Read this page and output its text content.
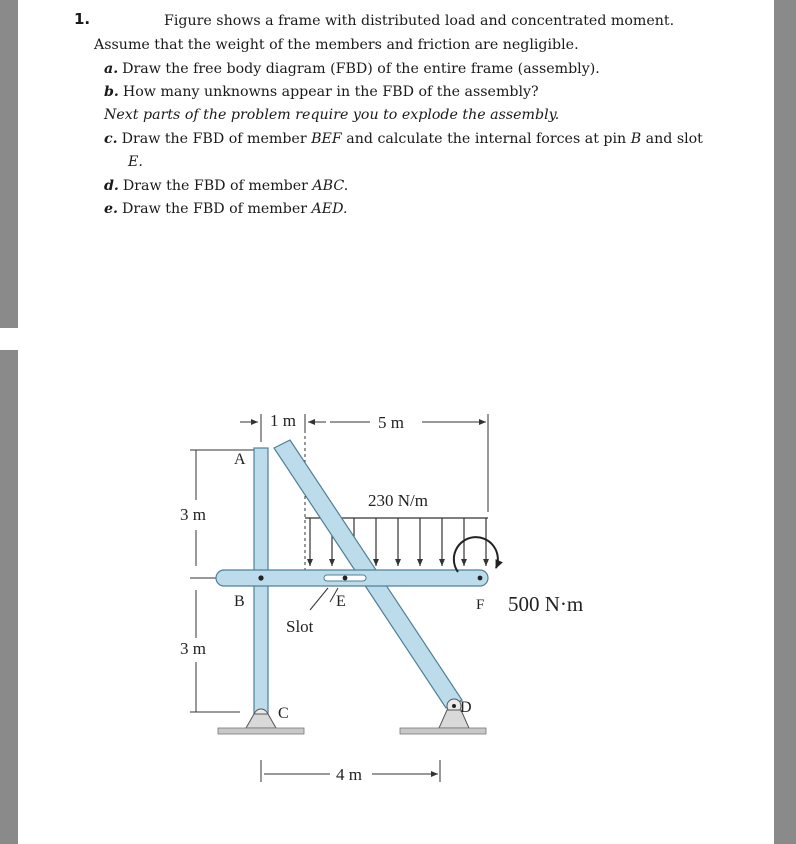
1.	Figure shows a frame with distributed load and concentrated moment.
Assume that the weight of the members and friction are negligible.
a. Draw the free body diagram (FBD) of the entire frame (assembly).
b. How many unknowns appear in the FBD of the assembly?
Next parts of the problem require you to explode the assembly.
c. Draw the FBD of member BEF and calculate the internal forces at pin B and slot
E.
d. Draw the FBD of member ABC.
e. Draw the FBD of member AED.
1 m	5 m
3 m
3 m
4 m
230 N/m
500 N·m
Slot
A
B
C	D
E	F
